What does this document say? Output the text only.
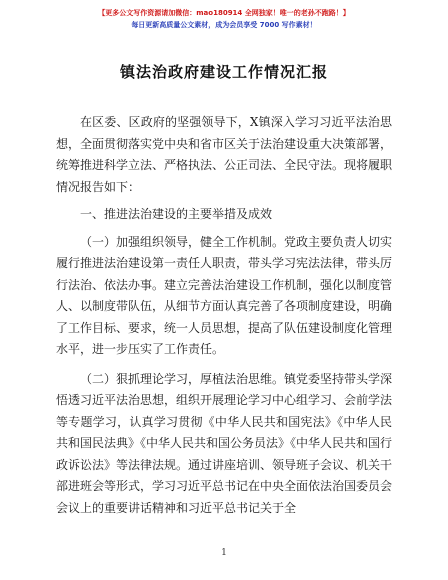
【更多公文写作资源请加微信：mao180914 全网独家！唯一的老孙不跑路！】
每日更新高质量公文素材，成为会员享受 7000 写作素材！
镇法治政府建设工作情况汇报

在区委、区政府的坚强领导下，X镇深入学习习近平法治思想，全面贯彻落实党中央和省市区关于法治建设重大决策部署，统筹推进科学立法、严格执法、公正司法、全民守法。现将履职情况报告如下：

一、推进法治建设的主要举措及成效

（一）加强组织领导，健全工作机制。党政主要负责人切实履行推进法治建设第一责任人职责，带头学习宪法法律，带头厉行法治、依法办事。建立完善法治建设工作机制，强化以制度管人、以制度带队伍，从细节方面认真完善了各项制度建设，明确了工作目标、要求，统一人员思想，提高了队伍建设制度化管理水平，进一步压实了工作责任。

（二）狠抓理论学习，厚植法治思维。镇党委坚持带头学深悟透习近平法治思想，组织开展理论学习中心组学习、会前学法等专题学习，认真学习贯彻《中华人民共和国宪法》《中华人民共和国民法典》《中华人民共和国公务员法》《中华人民共和国行政诉讼法》等法律法规。通过讲座培训、领导班子会议、机关干部进班会等形式，学习习近平总书记在中央全面依法治国委员会会议上的重要讲话精神和习近平总书记关于全

1
